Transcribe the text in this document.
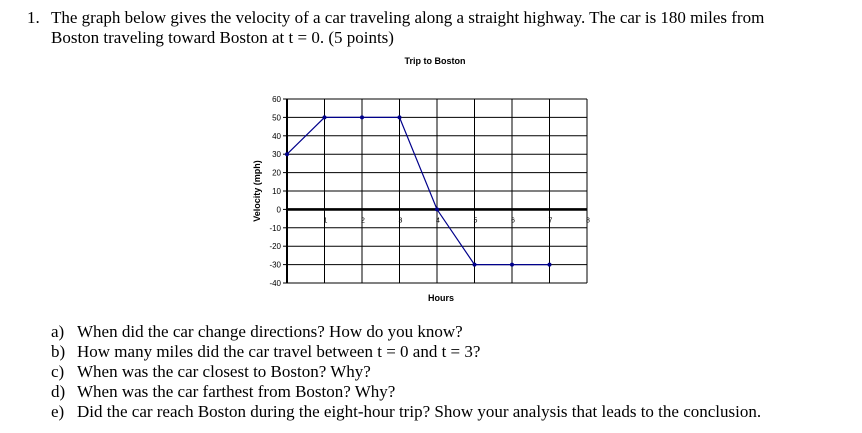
1. The graph below gives the velocity of a car traveling along a straight highway. The car is 180 miles from
Boston traveling toward Boston at t = 0. (5 points)
Trip to Boston
60
50
40
30
20
10
0
-10
-20
-30
-40
1	2	3	4	5	6	7	8
Hours
Velocity (mph)
a) When did the car change directions? How do you know?
b) How many miles did the car travel between t = 0 and t = 3?
c) When was the car closest to Boston? Why?
d) When was the car farthest from Boston? Why?
e) Did the car reach Boston during the eight-hour trip? Show your analysis that leads to the conclusion.
